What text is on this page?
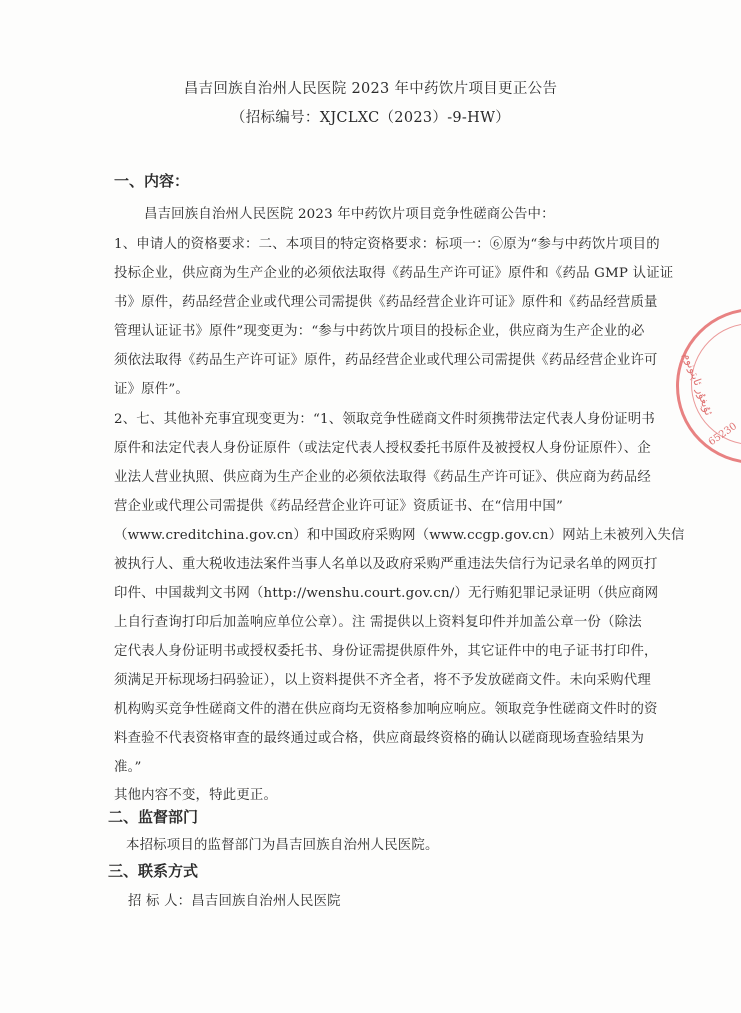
昌吉回族自治州人民医院 2023 年中药饮片项目更正公告
（招标编号：XJCLXC（2023）-9-HW）
一、内容：
昌吉回族自治州人民医院 2023 年中药饮片项目竞争性磋商公告中：
1、申请人的资格要求：二、本项目的特定资格要求：标项一：⑥原为“参与中药饮片项目的
投标企业，供应商为生产企业的必须依法取得《药品生产许可证》原件和《药品 GMP 认证证
书》原件，药品经营企业或代理公司需提供《药品经营企业许可证》原件和《药品经营质量
管理认证证书》原件”现变更为：“参与中药饮片项目的投标企业，供应商为生产企业的必
须依法取得《药品生产许可证》原件，药品经营企业或代理公司需提供《药品经营企业许可
证》原件”。
2、七、其他补充事宜现变更为：“1、领取竞争性磋商文件时须携带法定代表人身份证明书
原件和法定代表人身份证原件（或法定代表人授权委托书原件及被授权人身份证原件）、企
业法人营业执照、供应商为生产企业的必须依法取得《药品生产许可证》、供应商为药品经
营企业或代理公司需提供《药品经营企业许可证》资质证书、在“信用中国”
（www.creditchina.gov.cn）和中国政府采购网（www.ccgp.gov.cn）网站上未被列入失信
被执行人、重大税收违法案件当事人名单以及政府采购严重违法失信行为记录名单的网页打
印件、中国裁判文书网（http://wenshu.court.gov.cn/）无行贿犯罪记录证明（供应商网
上自行查询打印后加盖响应单位公章）。注 需提供以上资料复印件并加盖公章一份（除法
定代表人身份证明书或授权委托书、身份证需提供原件外，其它证件中的电子证书打印件，
须满足开标现场扫码验证），以上资料提供不齐全者，将不予发放磋商文件。未向采购代理
机构购买竞争性磋商文件的潜在供应商均无资格参加响应响应。领取竞争性磋商文件时的资
料查验不代表资格审查的最终通过或合格，供应商最终资格的确认以磋商现场查验结果为
准。”
其他内容不变，特此更正。
二、监督部门
本招标项目的监督部门为昌吉回族自治州人民医院。
三、联系方式
招 标 人：昌吉回族自治州人民医院
ئۇيغۇر ئاپتونوم
65230
